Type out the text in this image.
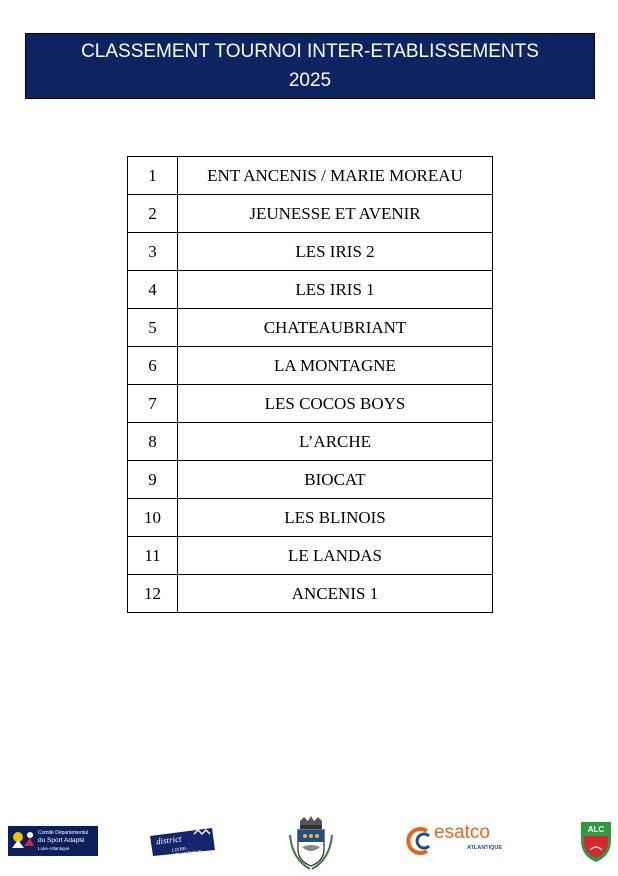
CLASSEMENT TOURNOI INTER-ETABLISSEMENTS
2025
1	ENT ANCENIS / MARIE MOREAU
2	JEUNESSE ET AVENIR
3	LES IRIS 2
4	LES IRIS 1
5	CHATEAUBRIANT
6	LA MONTAGNE
7	LES COCOS BOYS
8	L’ARCHE
9	BIOCAT
10	LES BLINOIS
11	LE LANDAS
12	ANCENIS 1
Comité Départemental
du Sport Adapté
Loire-Atlantique
district
LOIRE-ATLANTIQUE
esatco
ATLANTIQUE
ALC
